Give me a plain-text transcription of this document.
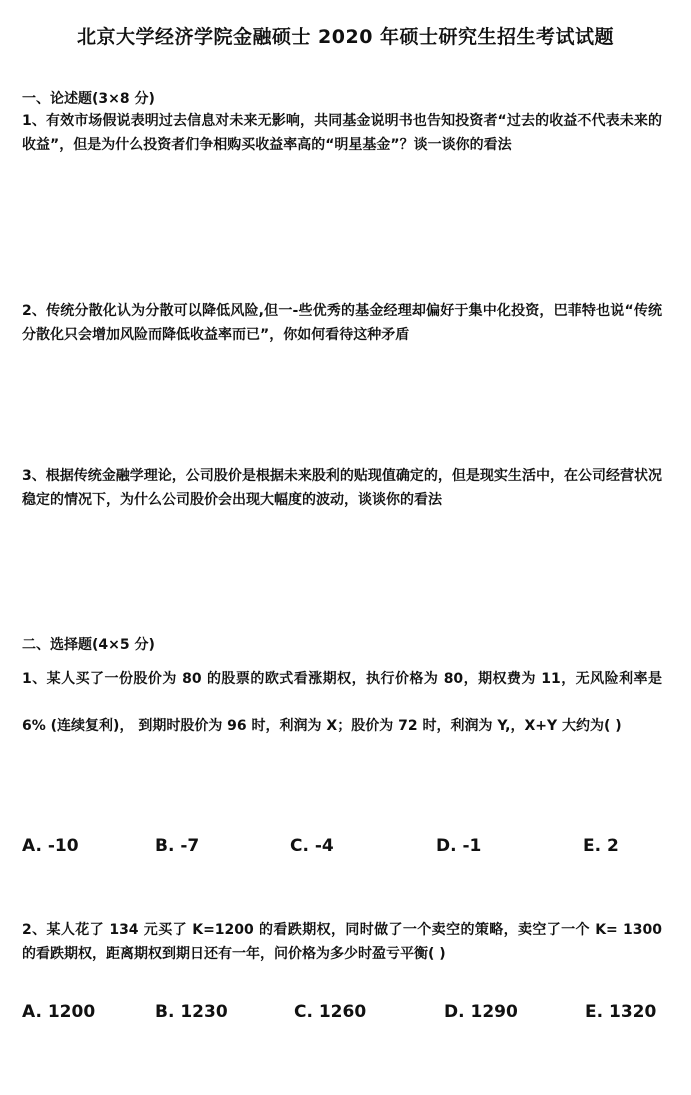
北京大学经济学院金融硕士 2020 年硕士研究生招生考试试题
一、论述题(3×8 分)
1、有效市场假说表明过去信息对未来无影响，共同基金说明书也告知投资者“过去的收益不代表未来的收益”，但是为什么投资者们争相购买收益率高的“明星基金”？谈一谈你的看法
2、传统分散化认为分散可以降低风险,但一-些优秀的基金经理却偏好于集中化投资，巴菲特也说“传统分散化只会增加风险而降低收益率而已”，你如何看待这种矛盾
3、根据传统金融学理论，公司股价是根据未来股利的贴现值确定的，但是现实生活中，在公司经营状况稳定的情况下，为什么公司股价会出现大幅度的波动，谈谈你的看法
二、选择题(4×5 分)
1、某人买了一份股价为 80 的股票的欧式看涨期权，执行价格为 80，期权费为 11，无风险利率是 6% (连续复利)， 到期时股价为 96 时，利润为 X；股价为 72 时，利润为 Y,，X+Y 大约为( )
A. -10	B. -7	C. -4	D. -1	E. 2
2、某人花了 134 元买了 K=1200 的看跌期权，同时做了一个卖空的策略，卖空了一个 K= 1300 的看跌期权，距离期权到期日还有一年，问价格为多少时盈亏平衡( )
A. 1200	B. 1230	C. 1260	D. 1290	E. 1320
